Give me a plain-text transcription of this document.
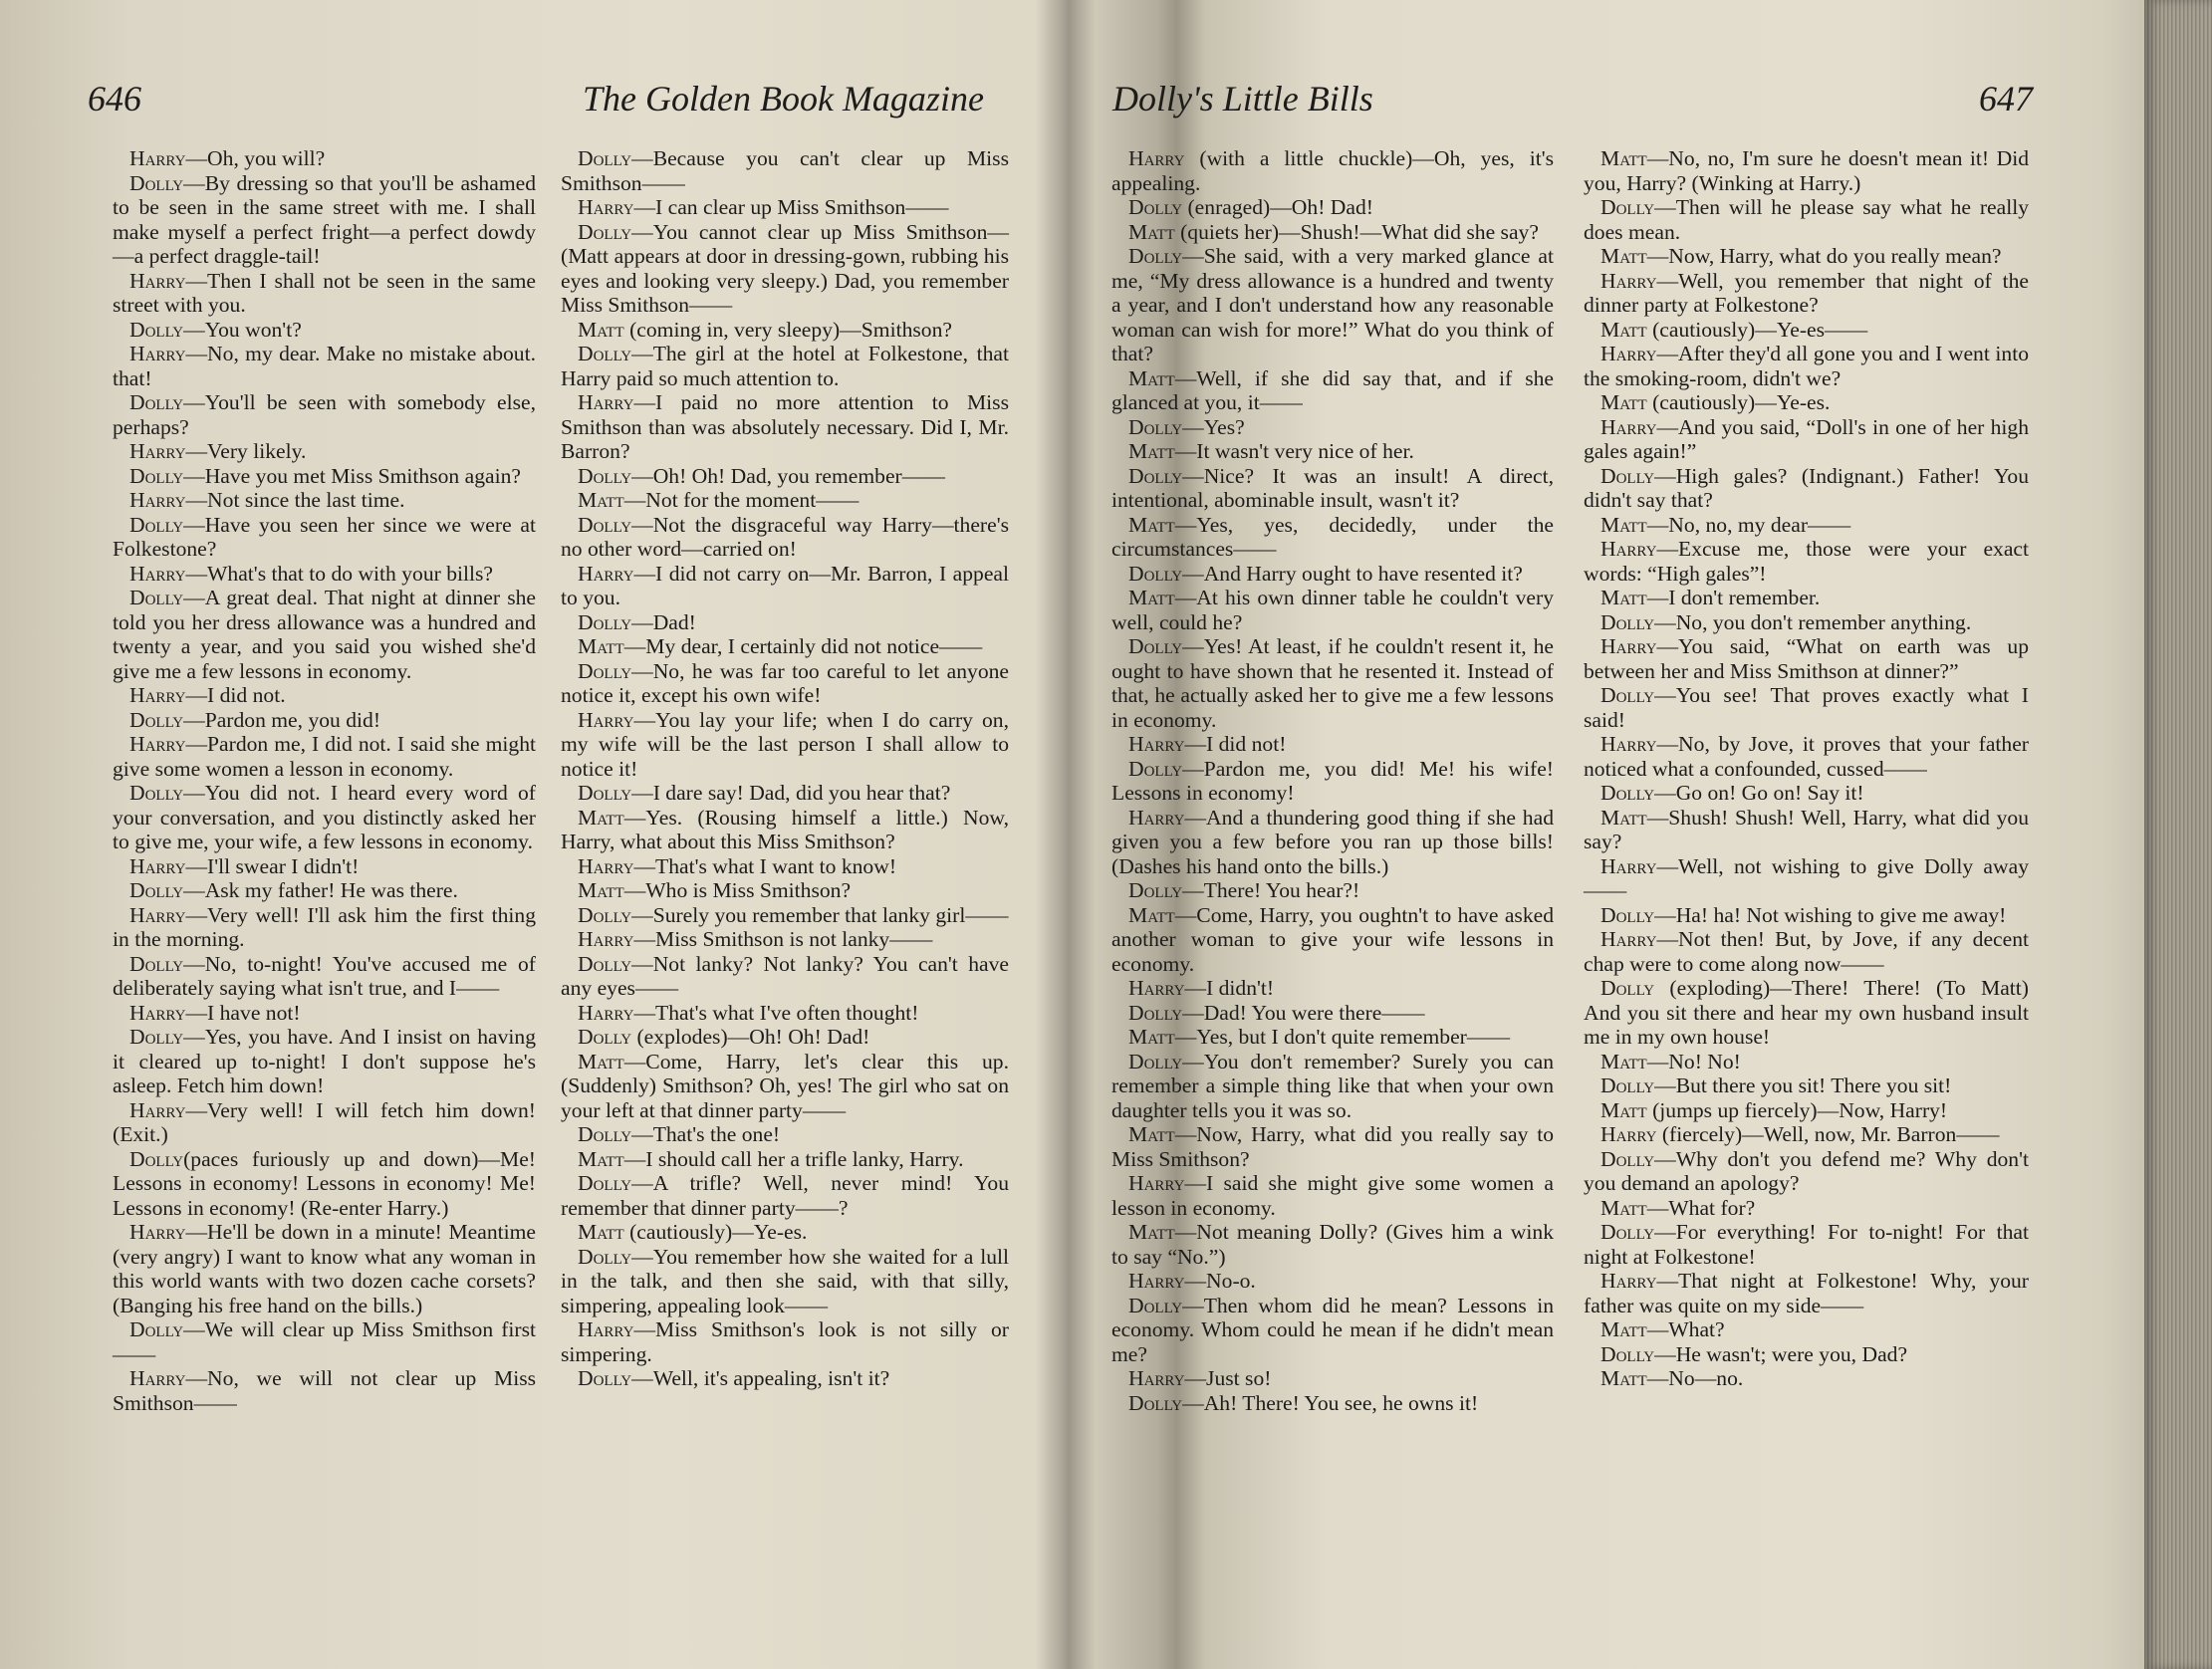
646	The Golden Book Magazine	Dolly's Little Bills	647

Harry—Oh, you will?

Dolly—By dressing so that you'll be ashamed to be seen in the same street with me. I shall make myself a perfect fright—a perfect dowdy—a perfect draggle-tail!

Harry—Then I shall not be seen in the same street with you.

Dolly—You won't?

Harry—No, my dear. Make no mistake about. that!

Dolly—You'll be seen with somebody else, perhaps?

Harry—Very likely.

Dolly—Have you met Miss Smithson again?

Harry—Not since the last time.

Dolly—Have you seen her since we were at Folkestone?

Harry—What's that to do with your bills?

Dolly—A great deal. That night at dinner she told you her dress allowance was a hundred and twenty a year, and you said you wished she'd give me a few lessons in economy.

Harry—I did not.

Dolly—Pardon me, you did!

Harry—Pardon me, I did not. I said she might give some women a lesson in economy.

Dolly—You did not. I heard every word of your conversation, and you distinctly asked her to give me, your wife, a few lessons in economy.

Harry—I'll swear I didn't!

Dolly—Ask my father! He was there.

Harry—Very well! I'll ask him the first thing in the morning.

Dolly—No, to-night! You've accused me of deliberately saying what isn't true, and I——

Harry—I have not!

Dolly—Yes, you have. And I insist on having it cleared up to-night! I don't suppose he's asleep. Fetch him down!

Harry—Very well! I will fetch him down! (Exit.)

Dolly(paces furiously up and down)—Me! Lessons in economy! Lessons in economy! Me! Lessons in economy! (Re-enter Harry.)

Harry—He'll be down in a minute! Meantime (very angry) I want to know what any woman in this world wants with two dozen cache corsets? (Banging his free hand on the bills.)

Dolly—We will clear up Miss Smithson first——

Harry—No, we will not clear up Miss Smithson——

Dolly—Because you can't clear up Miss Smithson——

Harry—I can clear up Miss Smithson——

Dolly—You cannot clear up Miss Smithson—(Matt appears at door in dressing-gown, rubbing his eyes and looking very sleepy.) Dad, you remember Miss Smithson——

Matt (coming in, very sleepy)—Smithson?

Dolly—The girl at the hotel at Folkestone, that Harry paid so much attention to.

Harry—I paid no more attention to Miss Smithson than was absolutely necessary. Did I, Mr. Barron?

Dolly—Oh! Oh! Dad, you remember——

Matt—Not for the moment——

Dolly—Not the disgraceful way Harry—there's no other word—carried on!

Harry—I did not carry on—Mr. Barron, I appeal to you.

Dolly—Dad!

Matt—My dear, I certainly did not notice——

Dolly—No, he was far too careful to let anyone notice it, except his own wife!

Harry—You lay your life; when I do carry on, my wife will be the last person I shall allow to notice it!

Dolly—I dare say! Dad, did you hear that?

Matt—Yes. (Rousing himself a little.) Now, Harry, what about this Miss Smithson?

Harry—That's what I want to know!

Matt—Who is Miss Smithson?

Dolly—Surely you remember that lanky girl——

Harry—Miss Smithson is not lanky——

Dolly—Not lanky? Not lanky? You can't have any eyes——

Harry—That's what I've often thought!

Dolly (explodes)—Oh! Oh! Dad!

Matt—Come, Harry, let's clear this up. (Suddenly) Smithson? Oh, yes! The girl who sat on your left at that dinner party——

Dolly—That's the one!

Matt—I should call her a trifle lanky, Harry.

Dolly—A trifle? Well, never mind! You remember that dinner party——?

Matt (cautiously)—Ye-es.

Dolly—You remember how she waited for a lull in the talk, and then she said, with that silly, simpering, appealing look——

Harry—Miss Smithson's look is not silly or simpering.

Dolly—Well, it's appealing, isn't it?

Harry (with a little chuckle)—Oh, yes, it's appealing.

Dolly (enraged)—Oh! Dad!

Matt (quiets her)—Shush!—What did she say?

Dolly—She said, with a very marked glance at me, “My dress allowance is a hundred and twenty a year, and I don't understand how any reasonable woman can wish for more!” What do you think of that?

Matt—Well, if she did say that, and if she glanced at you, it——

Dolly—Yes?

Matt—It wasn't very nice of her.

Dolly—Nice? It was an insult! A direct, intentional, abominable insult, wasn't it?

Matt—Yes, yes, decidedly, under the circumstances——

Dolly—And Harry ought to have resented it?

Matt—At his own dinner table he couldn't very well, could he?

Dolly—Yes! At least, if he couldn't resent it, he ought to have shown that he resented it. Instead of that, he actually asked her to give me a few lessons in economy.

Harry—I did not!

Dolly—Pardon me, you did! Me! his wife! Lessons in economy!

Harry—And a thundering good thing if she had given you a few before you ran up those bills! (Dashes his hand onto the bills.)

Dolly—There! You hear?!

Matt—Come, Harry, you oughtn't to have asked another woman to give your wife lessons in economy.

Harry—I didn't!

Dolly—Dad! You were there——

Matt—Yes, but I don't quite remember——

Dolly—You don't remember? Surely you can remember a simple thing like that when your own daughter tells you it was so.

Matt—Now, Harry, what did you really say to Miss Smithson?

Harry—I said she might give some women a lesson in economy.

Matt—Not meaning Dolly? (Gives him a wink to say “No.”)

Harry—No-o.

Dolly—Then whom did he mean? Lessons in economy. Whom could he mean if he didn't mean me?

Harry—Just so!

Dolly—Ah! There! You see, he owns it!

Matt—No, no, I'm sure he doesn't mean it! Did you, Harry? (Winking at Harry.)

Dolly—Then will he please say what he really does mean.

Matt—Now, Harry, what do you really mean?

Harry—Well, you remember that night of the dinner party at Folkestone?

Matt (cautiously)—Ye-es——

Harry—After they'd all gone you and I went into the smoking-room, didn't we?

Matt (cautiously)—Ye-es.

Harry—And you said, “Doll's in one of her high gales again!”

Dolly—High gales? (Indignant.) Father! You didn't say that?

Matt—No, no, my dear——

Harry—Excuse me, those were your exact words: “High gales”!

Matt—I don't remember.

Dolly—No, you don't remember anything.

Harry—You said, “What on earth was up between her and Miss Smithson at dinner?”

Dolly—You see! That proves exactly what I said!

Harry—No, by Jove, it proves that your father noticed what a confounded, cussed——

Dolly—Go on! Go on! Say it!

Matt—Shush! Shush! Well, Harry, what did you say?

Harry—Well, not wishing to give Dolly away——

Dolly—Ha! ha! Not wishing to give me away!

Harry—Not then! But, by Jove, if any decent chap were to come along now——

Dolly (exploding)—There! There! (To Matt) And you sit there and hear my own husband insult me in my own house!

Matt—No! No!

Dolly—But there you sit! There you sit!

Matt (jumps up fiercely)—Now, Harry!

Harry (fiercely)—Well, now, Mr. Barron——

Dolly—Why don't you defend me? Why don't you demand an apology?

Matt—What for?

Dolly—For everything! For to-night! For that night at Folkestone!

Harry—That night at Folkestone! Why, your father was quite on my side——

Matt—What?

Dolly—He wasn't; were you, Dad?

Matt—No—no.
